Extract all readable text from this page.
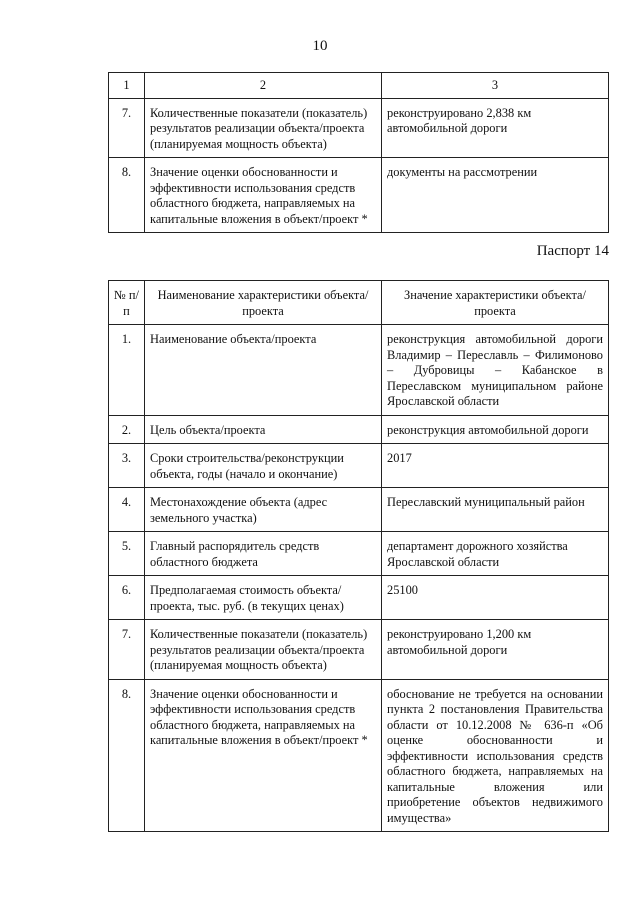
10
1	2	3
7.	Количественные показатели (показатель) результатов реализации объекта/проекта (планируемая мощность объекта)	реконструировано 2,838 км автомобильной дороги
8.	Значение оценки обоснованности и эффективности использования средств областного бюджета, направляемых на капитальные вложения в объект/проект *	документы на рассмотрении
Паспорт 14
№ п/п	Наименование характеристики объекта/проекта	Значение характеристики объекта/проекта
1.	Наименование объекта/проекта	реконструкция автомобильной дороги Владимир – Переславль – Филимоново – Дубровицы – Кабанское в Переславском муниципальном районе Ярославской области
2.	Цель объекта/проекта	реконструкция автомобильной дороги
3.	Сроки строительства/реконструкции объекта, годы (начало и окончание)	2017
4.	Местонахождение объекта (адрес земельного участка)	Переславский муниципальный район
5.	Главный распорядитель средств областного бюджета	департамент дорожного хозяйства Ярославской области
6.	Предполагаемая стоимость объекта/проекта, тыс. руб. (в текущих ценах)	25100
7.	Количественные показатели (показатель) результатов реализации объекта/проекта (планируемая мощность объекта)	реконструировано 1,200 км автомобильной дороги
8.	Значение оценки обоснованности и эффективности использования средств областного бюджета, направляемых на капитальные вложения в объект/проект *	обоснование не требуется на основании пункта 2 постановления Правительства области от 10.12.2008 № 636-п «Об оценке обоснованности и эффективности использования средств областного бюджета, направляемых на капитальные вложения или приобретение объектов недвижимого имущества»
